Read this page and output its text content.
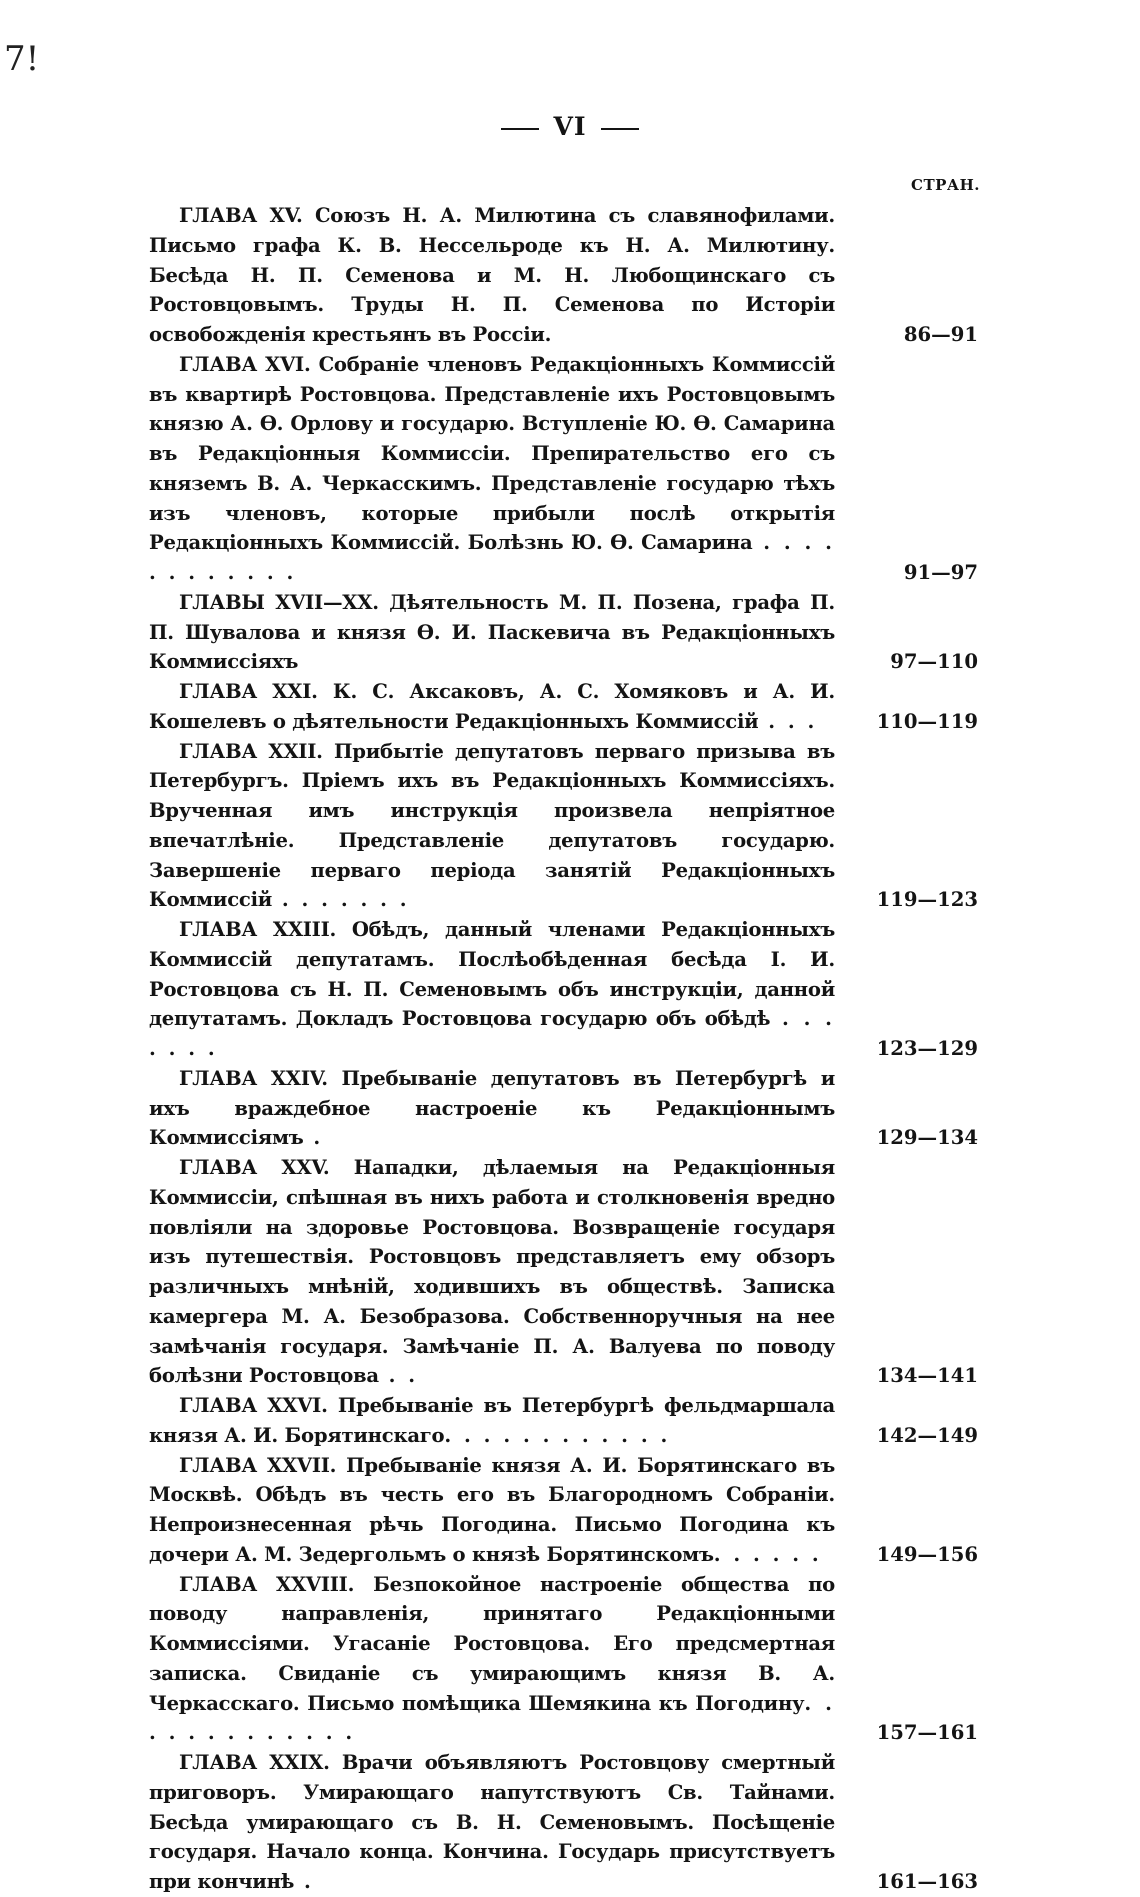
7!
VI
СТРАН.
ГЛАВА XV. Союзъ Н. А. Милютина съ славянофилами. Письмо графа К. В. Нессельроде къ Н. А. Милютину. Бесѣда Н. П. Семенова и М. Н. Любощинскаго съ Ростовцовымъ. Труды Н. П. Семенова по Исторіи освобожденія крестьянъ въ Россіи.	86—91
ГЛАВА XVI. Собраніе членовъ Редакціонныхъ Коммиссій въ квартирѣ Ростовцова. Представленіе ихъ Ростовцовымъ князю А. Ѳ. Орлову и государю. Вступленіе Ю. Ѳ. Самарина въ Редакціонныя Коммиссіи. Препирательство его съ княземъ В. А. Черкасскимъ. Представленіе государю тѣхъ изъ членовъ, которые прибыли послѣ открытія Редакціонныхъ Коммиссій. Болѣзнь Ю. Ѳ. Самарина . . . . . . . . . . . .	91—97
ГЛАВЫ XVII—XX. Дѣятельность М. П. Позена, графа П. П. Шувалова и князя Ѳ. И. Паскевича въ Редакціонныхъ Коммиссіяхъ	97—110
ГЛАВА XXI. К. С. Аксаковъ, А. С. Хомяковъ и А. И. Кошелевъ о дѣятельности Редакціонныхъ Коммиссій . . .	110—119
ГЛАВА XXII. Прибытіе депутатовъ перваго призыва въ Петербургъ. Пріемъ ихъ въ Редакціонныхъ Коммиссіяхъ. Врученная имъ инструкція произвела непріятное впечатлѣніе. Представленіе депутатовъ государю. Завершеніе перваго періода занятій Редакціонныхъ Коммиссій . . . . . . .	119—123
ГЛАВА XXIII. Обѣдъ, данный членами Редакціонныхъ Коммиссій депутатамъ. Послѣобѣденная бесѣда І. И. Ростовцова съ Н. П. Семеновымъ объ инструкціи, данной депутатамъ. Докладъ Ростовцова государю объ обѣдѣ . . . . . . .	123—129
ГЛАВА XXIV. Пребываніе депутатовъ въ Петербургѣ и ихъ враждебное настроеніе къ Редакціоннымъ Коммиссіямъ .	129—134
ГЛАВА XXV. Нападки, дѣлаемыя на Редакціонныя Коммиссіи, спѣшная въ нихъ работа и столкновенія вредно повліяли на здоровье Ростовцова. Возвращеніе государя изъ путешествія. Ростовцовъ представляетъ ему обзоръ различныхъ мнѣній, ходившихъ въ обществѣ. Записка камергера М. А. Безобразова. Собственноручныя на нее замѣчанія государя. Замѣчаніе П. А. Валуева по поводу болѣзни Ростовцова . .	134—141
ГЛАВА XXVI. Пребываніе въ Петербургѣ фельдмаршала князя А. И. Борятинскаго. . . . . . . . . . . .	142—149
ГЛАВА XXVII. Пребываніе князя А. И. Борятинскаго въ Москвѣ. Обѣдъ въ честь его въ Благородномъ Собраніи. Непроизнесенная рѣчь Погодина. Письмо Погодина къ дочери А. М. Зедергольмъ о князѣ Борятинскомъ. . . . . .	149—156
ГЛАВА XXVIII. Безпокойное настроеніе общества по поводу направленія, принятаго Редакціонными Коммиссіями. Угасаніе Ростовцова. Его предсмертная записка. Свиданіе съ умирающимъ князя В. А. Черкасскаго. Письмо помѣщика Шемякина къ Погодину. . . . . . . . . . . . .	157—161
ГЛАВА XXIX. Врачи объявляютъ Ростовцову смертный приговоръ. Умирающаго напутствуютъ Св. Тайнами. Бесѣда умирающаго съ В. Н. Семеновымъ. Посѣщеніе государя. Начало конца. Кончина. Государь присутствуетъ при кончинѣ .	161—163
